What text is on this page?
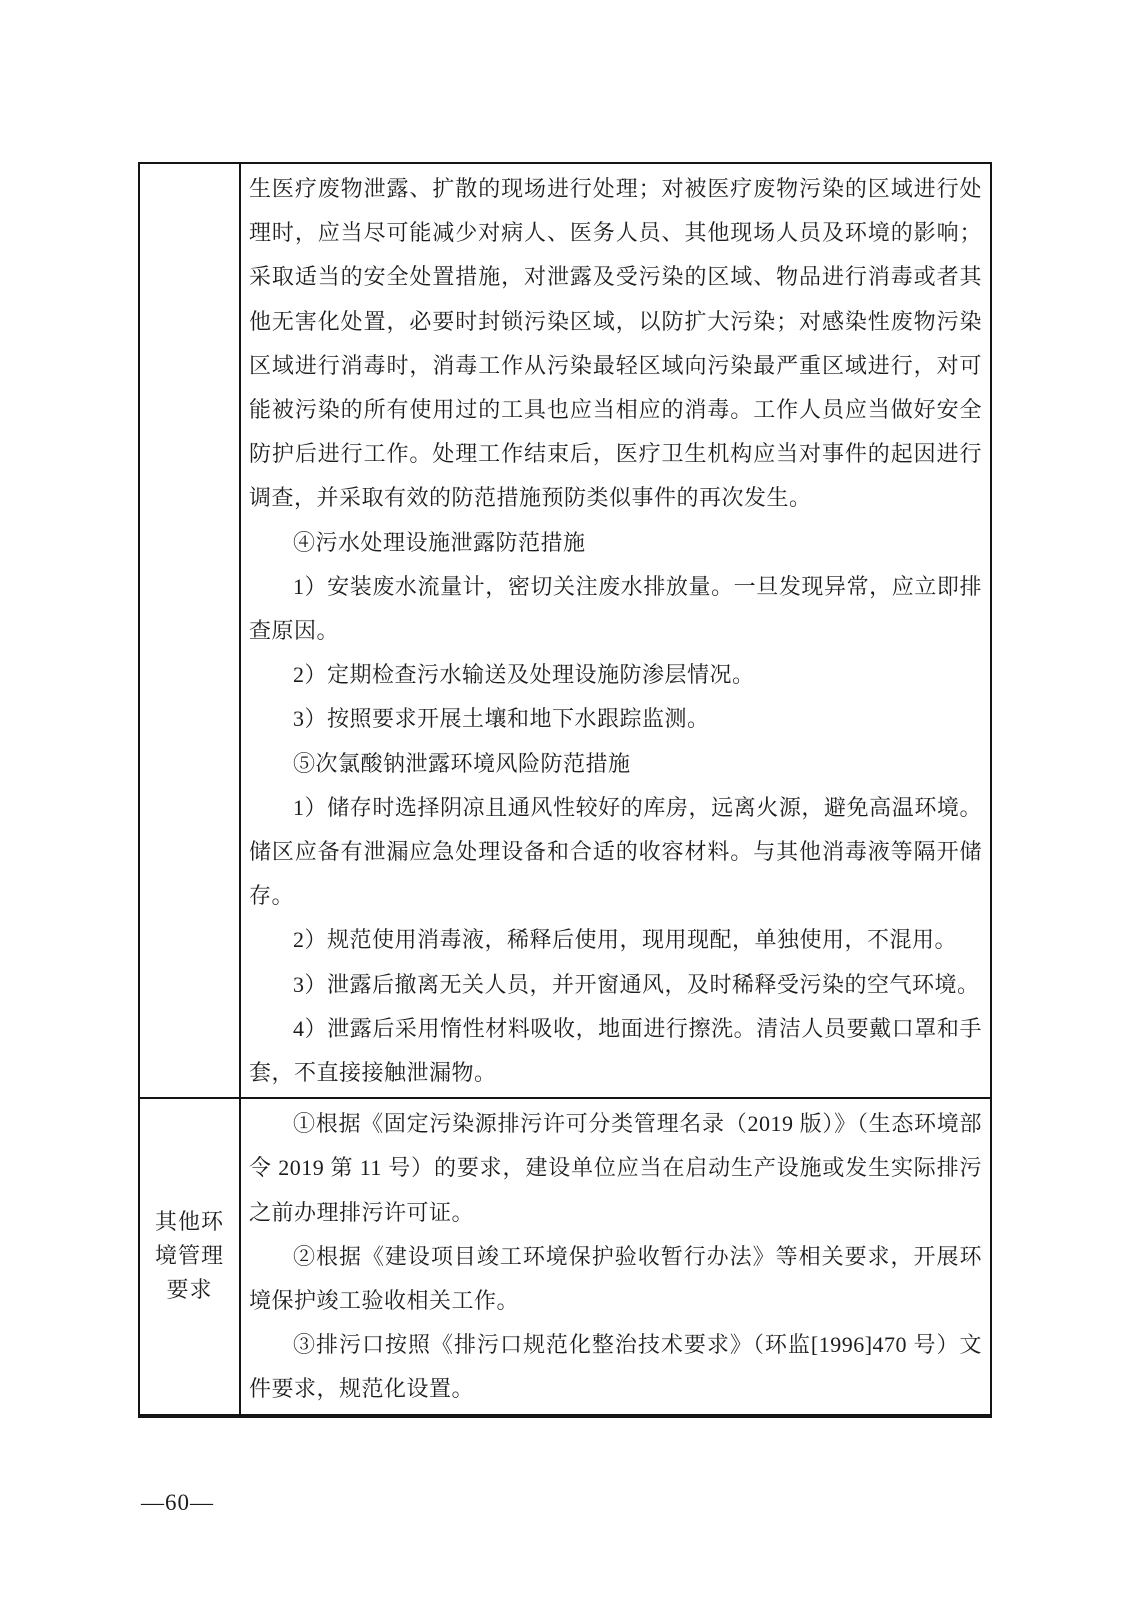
生医疗废物泄露、扩散的现场进行处理；对被医疗废物污染的区域进行处理时，应当尽可能减少对病人、医务人员、其他现场人员及环境的影响；采取适当的安全处置措施，对泄露及受污染的区域、物品进行消毒或者其他无害化处置，必要时封锁污染区域，以防扩大污染；对感染性废物污染区域进行消毒时，消毒工作从污染最轻区域向污染最严重区域进行，对可能被污染的所有使用过的工具也应当相应的消毒。工作人员应当做好安全防护后进行工作。处理工作结束后，医疗卫生机构应当对事件的起因进行调查，并采取有效的防范措施预防类似事件的再次发生。

④污水处理设施泄露防范措施

1）安装废水流量计，密切关注废水排放量。一旦发现异常，应立即排查原因。

2）定期检查污水输送及处理设施防渗层情况。

3）按照要求开展土壤和地下水跟踪监测。

⑤次氯酸钠泄露环境风险防范措施

1）储存时选择阴凉且通风性较好的库房，远离火源，避免高温环境。储区应备有泄漏应急处理设备和合适的收容材料。与其他消毒液等隔开储存。

2）规范使用消毒液，稀释后使用，现用现配，单独使用，不混用。

3）泄露后撤离无关人员，并开窗通风，及时稀释受污染的空气环境。

4）泄露后采用惰性材料吸收，地面进行擦洗。清洁人员要戴口罩和手套，不直接接触泄漏物。

其他环境管理要求

①根据《固定污染源排污许可分类管理名录（2019 版）》（生态环境部令 2019 第 11 号）的要求，建设单位应当在启动生产设施或发生实际排污之前办理排污许可证。

②根据《建设项目竣工环境保护验收暂行办法》等相关要求，开展环境保护竣工验收相关工作。

③排污口按照《排污口规范化整治技术要求》（环监[1996]470 号）文件要求，规范化设置。

—60—
